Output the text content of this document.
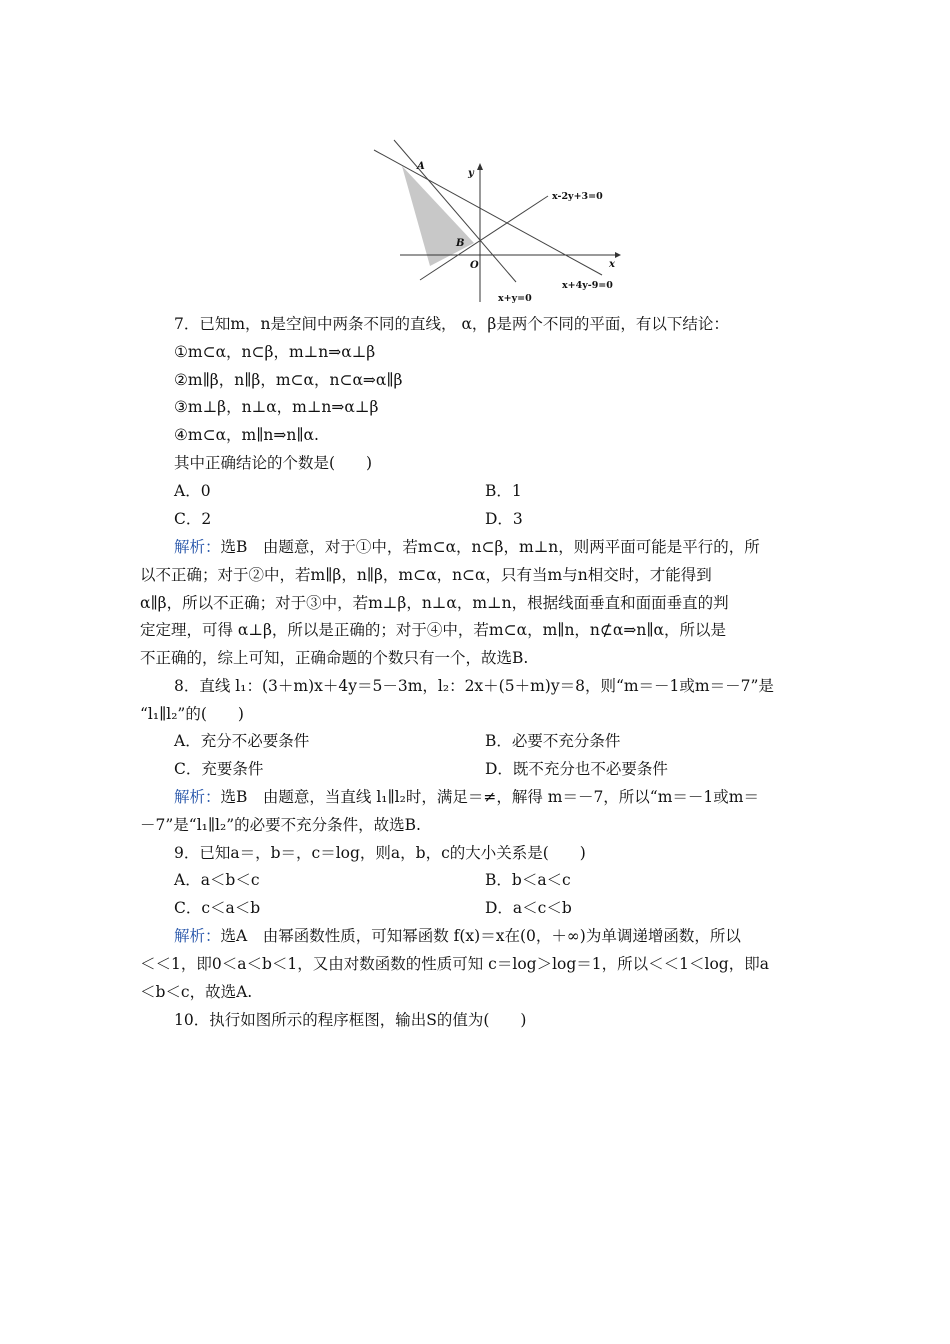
A
B
O	x
y
x-2y+3=0
x+4y-9=0
x+y=0
7．已知m，n是空间中两条不同的直线， α，β是两个不同的平面，有以下结论：
①m⊂α，n⊂β，m⊥n⇒α⊥β
②m∥β，n∥β，m⊂α，n⊂α⇒α∥β
③m⊥β，n⊥α，m⊥n⇒α⊥β
④m⊂α，m∥n⇒n∥α.
其中正确结论的个数是(　　)
A．0	B．1
C．2	D．3
解析：选B　由题意，对于①中，若m⊂α，n⊂β，m⊥n，则两平面可能是平行的，所
以不正确；对于②中，若m∥β，n∥β，m⊂α，n⊂α，只有当m与n相交时，才能得到
α∥β，所以不正确；对于③中，若m⊥β，n⊥α，m⊥n，根据线面垂直和面面垂直的判
定定理，可得 α⊥β，所以是正确的；对于④中，若m⊂α，m∥n，n⊄α⇒n∥α，所以是
不正确的，综上可知，正确命题的个数只有一个，故选B.
8．直线 l₁：(3＋m)x＋4y＝5－3m，l₂：2x＋(5＋m)y＝8，则“m＝－1或m＝－7”是
“l₁∥l₂”的(　　)
A．充分不必要条件	B．必要不充分条件
C．充要条件	D．既不充分也不必要条件
解析：选B　由题意，当直线 l₁∥l₂时，满足＝≠，解得 m＝－7，所以“m＝－1或m＝
－7”是“l₁∥l₂”的必要不充分条件，故选B.
9．已知a＝，b＝，c＝log，则a，b，c的大小关系是(　　)
A．a＜b＜c	B．b＜a＜c
C．c＜a＜b	D．a＜c＜b
解析：选A　由幂函数性质，可知幂函数 f(x)＝x在(0，＋∞)为单调递增函数，所以
＜＜1，即0＜a＜b＜1，又由对数函数的性质可知 c＝log＞log＝1，所以＜＜1＜log，即a
＜b＜c，故选A.
10．执行如图所示的程序框图，输出S的值为(　　)
